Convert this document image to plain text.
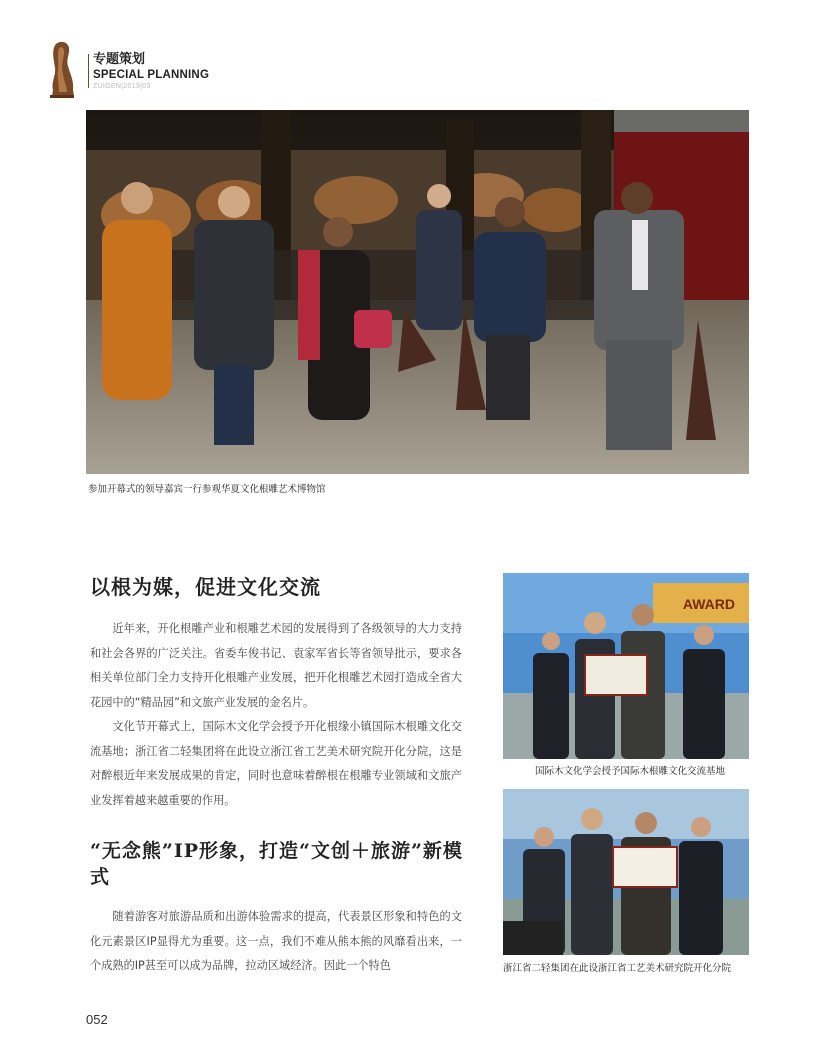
专题策划
SPECIAL PLANNING
ZUIGEN|2019|03
参加开幕式的领导嘉宾一行参观华夏文化根雕艺术博物馆
AWARD
国际木文化学会授予国际木根雕文化交流基地
浙江省二轻集团在此设浙江省工艺美术研究院开化分院
以根为媒，促进文化交流

近年来，开化根雕产业和根雕艺术园的发展得到了各级领导的大力支持和社会各界的广泛关注。省委车俊书记、袁家军省长等省领导批示，要求各相关单位部门全力支持开化根雕产业发展，把开化根雕艺术园打造成全省大花园中的“精品园”和文旅产业发展的金名片。

文化节开幕式上，国际木文化学会授予开化根缘小镇国际木根雕文化交流基地；浙江省二轻集团将在此设立浙江省工艺美术研究院开化分院，这是对醉根近年来发展成果的肯定，同时也意味着醉根在根雕专业领域和文旅产业发挥着越来越重要的作用。

“无念熊”IP形象，打造“文创＋旅游”新模式

随着游客对旅游品质和出游体验需求的提高，代表景区形象和特色的文化元素景区IP显得尤为重要。这一点，我们不难从熊本熊的风靡看出来，一个成熟的IP甚至可以成为品牌，拉动区域经济。因此一个特色

052
